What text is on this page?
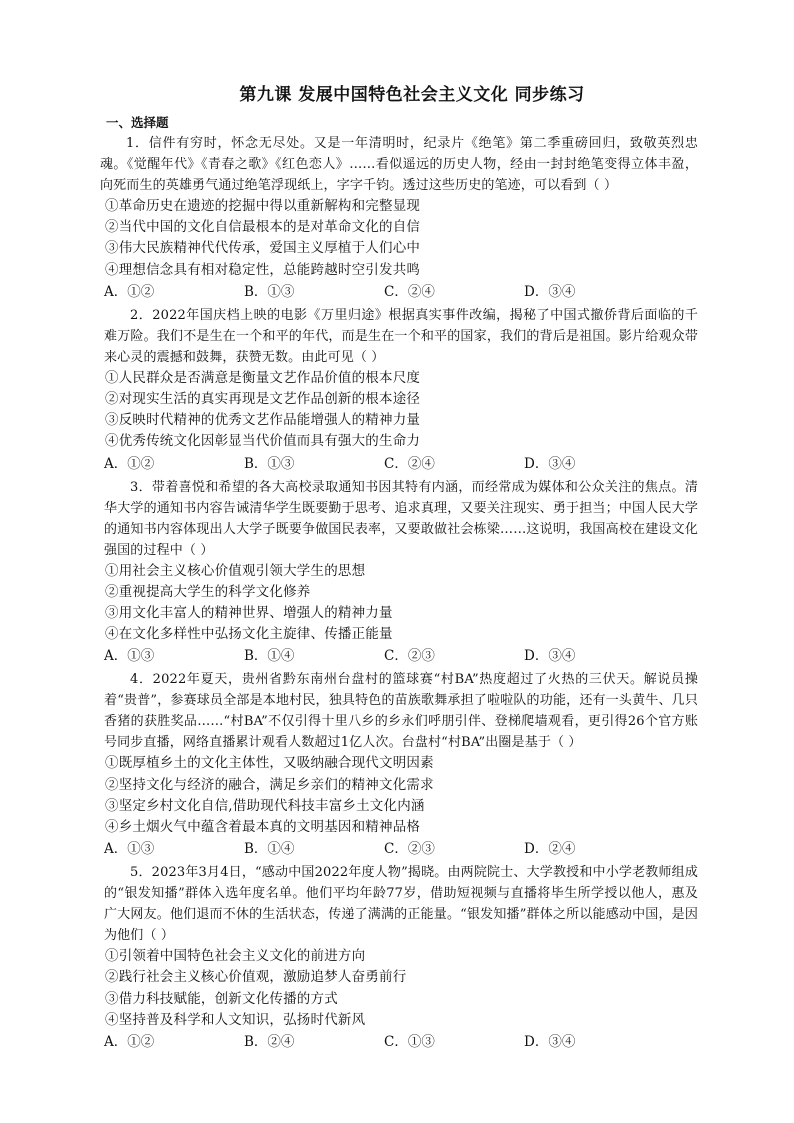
第九课 发展中国特色社会主义文化 同步练习
一、选择题

1．信件有穷时，怀念无尽处。又是一年清明时，纪录片《绝笔》第二季重磅回归，致敬英烈忠魂。《觉醒年代》《青春之歌》《红色恋人》……看似遥远的历史人物，经由一封封绝笔变得立体丰盈，向死而生的英雄勇气通过绝笔浮现纸上，字字千钧。透过这些历史的笔迹，可以看到（ ）

①革命历史在遗迹的挖掘中得以重新解构和完整显现

②当代中国的文化自信最根本的是对革命文化的自信

③伟大民族精神代代传承，爱国主义厚植于人们心中

④理想信念具有相对稳定性，总能跨越时空引发共鸣

A．①②	B．①③	C．②④	D．③④

2．2022年国庆档上映的电影《万里归途》根据真实事件改编，揭秘了中国式撤侨背后面临的千难万险。我们不是生在一个和平的年代，而是生在一个和平的国家，我们的背后是祖国。影片给观众带来心灵的震撼和鼓舞，获赞无数。由此可见（ ）

①人民群众是否满意是衡量文艺作品价值的根本尺度

②对现实生活的真实再现是文艺作品创新的根本途径

③反映时代精神的优秀文艺作品能增强人的精神力量

④优秀传统文化因彰显当代价值而具有强大的生命力

A．①②	B．①③	C．②④	D．③④

3．带着喜悦和希望的各大高校录取通知书因其特有内涵，而经常成为媒体和公众关注的焦点。清华大学的通知书内容告诫清华学生既要勤于思考、追求真理，又要关注现实、勇于担当；中国人民大学的通知书内容体现出人大学子既要争做国民表率，又要敢做社会栋梁……这说明，我国高校在建设文化强国的过程中（ ）

①用社会主义核心价值观引领大学生的思想

②重视提高大学生的科学文化修养

③用文化丰富人的精神世界、增强人的精神力量

④在文化多样性中弘扬文化主旋律、传播正能量

A．①③	B．①④	C．②③	D．③④

4．2022年夏天，贵州省黔东南州台盘村的篮球赛“村BA”热度超过了火热的三伏天。解说员操着“贵普”，参赛球员全部是本地村民，独具特色的苗族歌舞承担了啦啦队的功能，还有一头黄牛、几只香猪的获胜奖品……“村BA”不仅引得十里八乡的乡永们呼朋引伴、登梯爬墙观看，更引得26个官方账号同步直播，网络直播累计观看人数超过1亿人次。台盘村“村BA”出圈是基于（ ）

①既厚植乡土的文化主体性，又吸纳融合现代文明因素

②坚持文化与经济的融合，满足乡亲们的精神文化需求

③坚定乡村文化自信,借助现代科技丰富乡土文化内涵

④乡土烟火气中蕴含着最本真的文明基因和精神品格

A．①③	B．①④	C．②③	D．②④

5．2023年3月4日，“感动中国2022年度人物”揭晓。由两院院士、大学教授和中小学老教师组成的“银发知播”群体入选年度名单。他们平均年龄77岁，借助短视频与直播将毕生所学授以他人，惠及广大网友。他们退而不休的生活状态，传递了满满的正能量。“银发知播”群体之所以能感动中国，是因为他们（ ）

①引领着中国特色社会主义文化的前进方向

②践行社会主义核心价值观，激励追梦人奋勇前行

③借力科技赋能，创新文化传播的方式

④坚持普及科学和人文知识，弘扬时代新风

A．①②	B．②④	C．①③	D．③④
